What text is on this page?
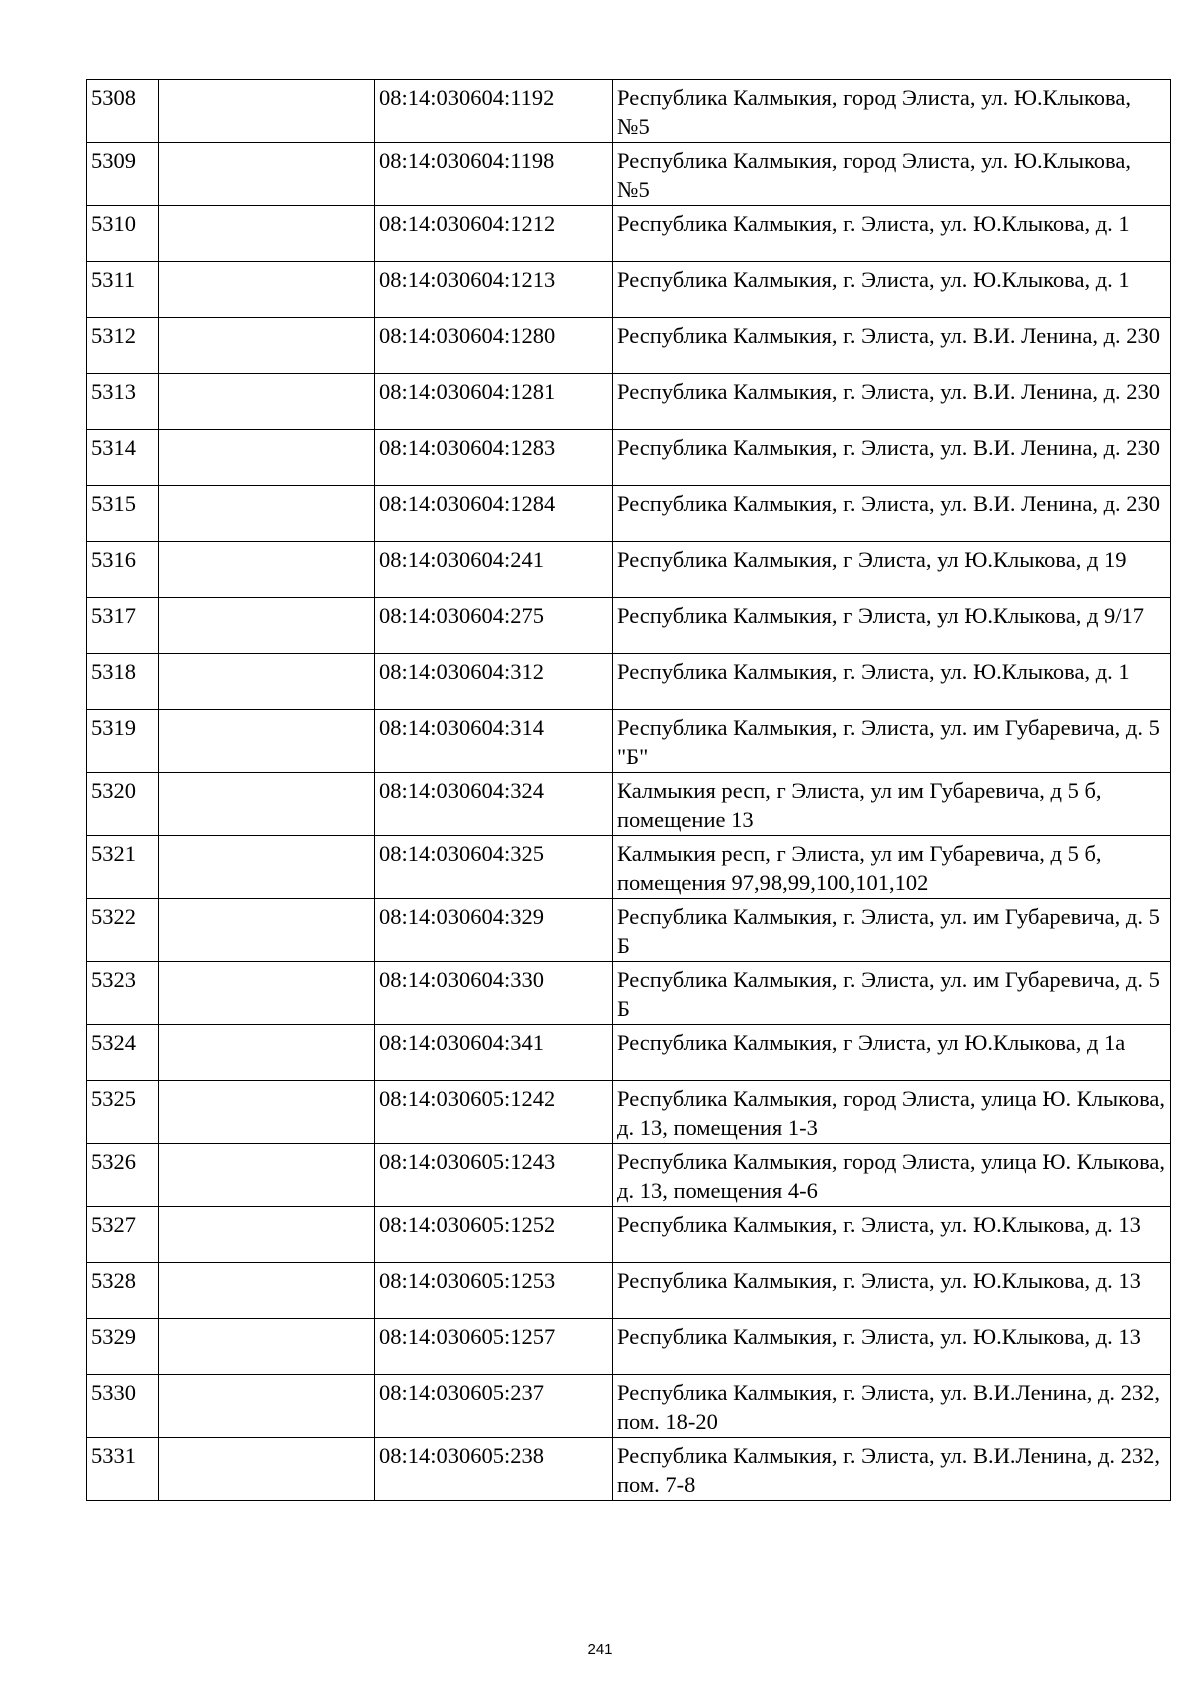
5308		08:14:030604:1192	Республика Калмыкия, город Элиста, ул. Ю.Клыкова, №5
5309		08:14:030604:1198	Республика Калмыкия, город Элиста, ул. Ю.Клыкова, №5
5310		08:14:030604:1212	Республика Калмыкия, г. Элиста, ул. Ю.Клыкова, д. 1
5311		08:14:030604:1213	Республика Калмыкия, г. Элиста, ул. Ю.Клыкова, д. 1
5312		08:14:030604:1280	Республика Калмыкия, г. Элиста, ул. В.И. Ленина, д. 230
5313		08:14:030604:1281	Республика Калмыкия, г. Элиста, ул. В.И. Ленина, д. 230
5314		08:14:030604:1283	Республика Калмыкия, г. Элиста, ул. В.И. Ленина, д. 230
5315		08:14:030604:1284	Республика Калмыкия, г. Элиста, ул. В.И. Ленина, д. 230
5316		08:14:030604:241	Республика Калмыкия, г Элиста, ул Ю.Клыкова, д 19
5317		08:14:030604:275	Республика Калмыкия, г Элиста, ул Ю.Клыкова, д 9/17
5318		08:14:030604:312	Республика Калмыкия, г. Элиста, ул. Ю.Клыкова, д. 1
5319		08:14:030604:314	Республика Калмыкия, г. Элиста, ул. им Губаревича, д. 5 "Б"
5320		08:14:030604:324	Калмыкия респ, г Элиста, ул им Губаревича, д 5 б, помещение 13
5321		08:14:030604:325	Калмыкия респ, г Элиста, ул им Губаревича, д 5 б, помещения 97,98,99,100,101,102
5322		08:14:030604:329	Республика Калмыкия, г. Элиста, ул. им Губаревича, д. 5 Б
5323		08:14:030604:330	Республика Калмыкия, г. Элиста, ул. им Губаревича, д. 5 Б
5324		08:14:030604:341	Республика Калмыкия, г Элиста, ул Ю.Клыкова, д 1а
5325		08:14:030605:1242	Республика Калмыкия, город Элиста, улица Ю. Клыкова, д. 13, помещения 1-3
5326		08:14:030605:1243	Республика Калмыкия, город Элиста, улица Ю. Клыкова, д. 13, помещения 4-6
5327		08:14:030605:1252	Республика Калмыкия, г. Элиста, ул. Ю.Клыкова, д. 13
5328		08:14:030605:1253	Республика Калмыкия, г. Элиста, ул. Ю.Клыкова, д. 13
5329		08:14:030605:1257	Республика Калмыкия, г. Элиста, ул. Ю.Клыкова, д. 13
5330		08:14:030605:237	Республика Калмыкия, г. Элиста, ул. В.И.Ленина, д. 232, пом. 18-20
5331		08:14:030605:238	Республика Калмыкия, г. Элиста, ул. В.И.Ленина, д. 232, пом. 7-8
241
